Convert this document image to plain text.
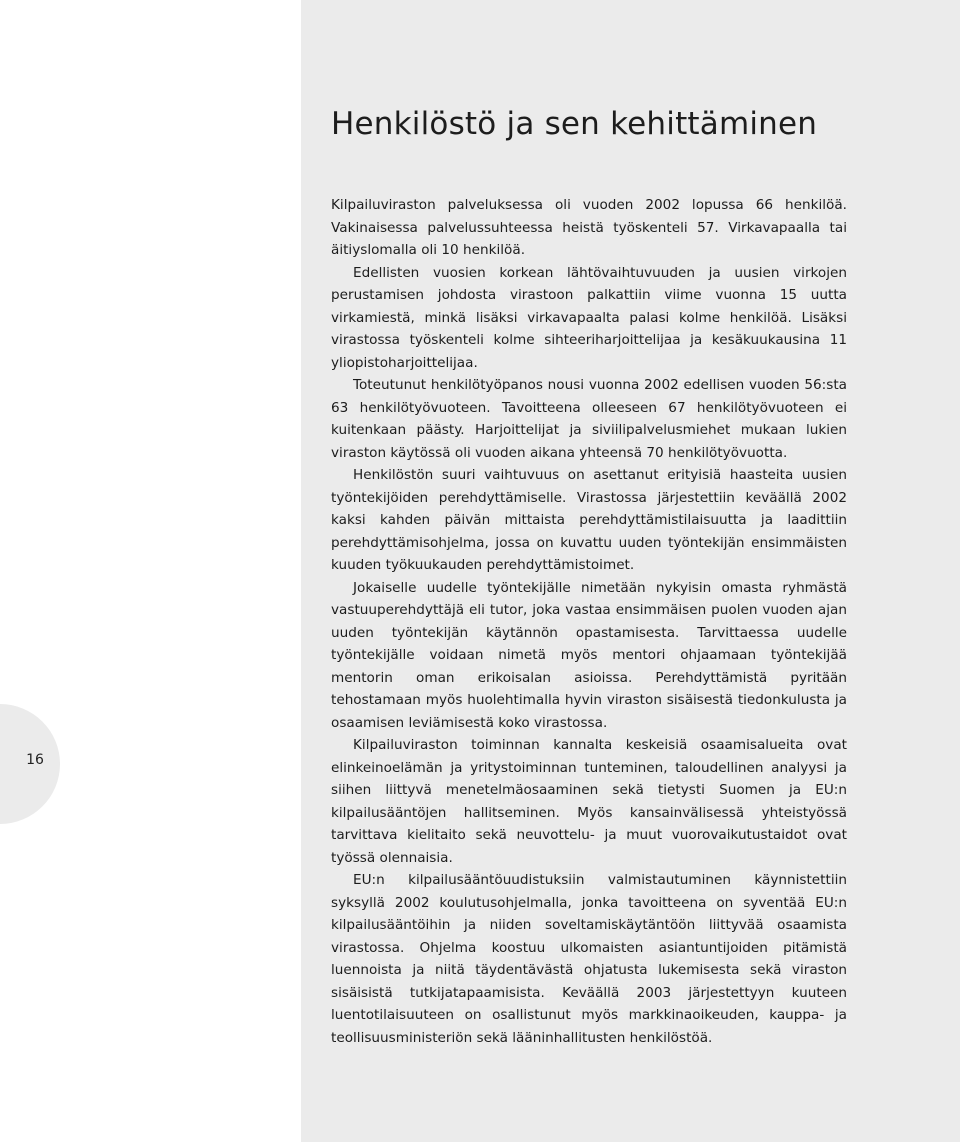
16
Henkilöstö ja sen kehittäminen

Kilpailuviraston palveluksessa oli vuoden 2002 lopussa 66 henkilöä. Vakinaisessa palvelussuhteessa heistä työskenteli 57. Virkavapaalla tai äitiyslomalla oli 10 henkilöä.

Edellisten vuosien korkean lähtövaihtuvuuden ja uusien virkojen perustamisen johdosta virastoon palkattiin viime vuonna 15 uutta virkamiestä, minkä lisäksi virkavapaalta palasi kolme henkilöä. Lisäksi virastossa työskenteli kolme sihteeriharjoittelijaa ja kesäkuukausina 11 yliopistoharjoittelijaa.

Toteutunut henkilötyöpanos nousi vuonna 2002 edellisen vuoden 56:sta 63 henkilötyövuoteen. Tavoitteena olleeseen 67 henkilötyövuoteen ei kuitenkaan päästy. Harjoittelijat ja siviilipalvelusmiehet mukaan lukien viraston käytössä oli vuoden aikana yhteensä 70 henkilötyövuotta.

Henkilöstön suuri vaihtuvuus on asettanut erityisiä haasteita uusien työntekijöiden perehdyttämiselle. Virastossa järjestettiin keväällä 2002 kaksi kahden päivän mittaista perehdyttämistilaisuutta ja laadittiin perehdyttämisohjelma, jossa on kuvattu uuden työntekijän ensimmäisten kuuden työkuukauden perehdyttämistoimet.

Jokaiselle uudelle työntekijälle nimetään nykyisin omasta ryhmästä vastuuperehdyttäjä eli tutor, joka vastaa ensimmäisen puolen vuoden ajan uuden työntekijän käytännön opastamisesta. Tarvittaessa uudelle työntekijälle voidaan nimetä myös mentori ohjaamaan työntekijää mentorin oman erikoisalan asioissa. Perehdyttämistä pyritään tehostamaan myös huolehtimalla hyvin viraston sisäisestä tiedonkulusta ja osaamisen leviämisestä koko virastossa.

Kilpailuviraston toiminnan kannalta keskeisiä osaamisalueita ovat elinkeinoelämän ja yritystoiminnan tunteminen, taloudellinen analyysi ja siihen liittyvä menetelmäosaaminen sekä tietysti Suomen ja EU:n kilpailusääntöjen hallitseminen. Myös kansainvälisessä yhteistyössä tarvittava kielitaito sekä neuvottelu- ja muut vuorovaikutustaidot ovat työssä olennaisia.

EU:n kilpailusääntöuudistuksiin valmistautuminen käynnistettiin syksyllä 2002 koulutusohjelmalla, jonka tavoitteena on syventää EU:n kilpailusääntöihin ja niiden soveltamiskäytäntöön liittyvää osaamista virastossa. Ohjelma koostuu ulkomaisten asiantuntijoiden pitämistä luennoista ja niitä täydentävästä ohjatusta lukemisesta sekä viraston sisäisistä tutkijatapaamisista. Keväällä 2003 järjestettyyn kuuteen luentotilaisuuteen on osallistunut myös markkinaoikeuden, kauppa- ja teollisuusministeriön sekä lääninhallitusten henkilöstöä.
